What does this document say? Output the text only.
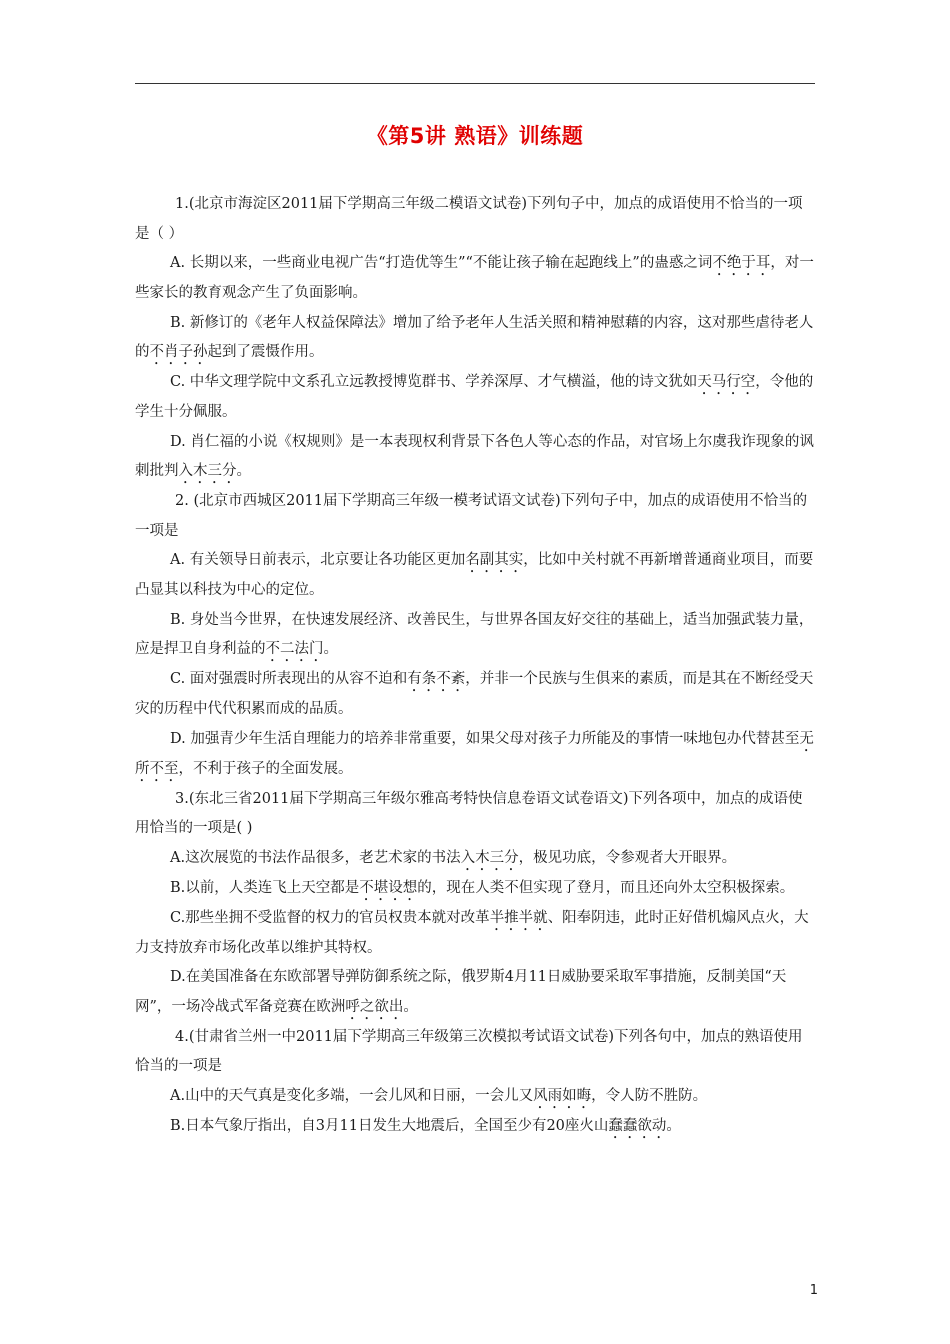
《第5讲 熟语》训练题

1.(北京市海淀区2011届下学期高三年级二模语文试卷)下列句子中，加点的成语使用不恰当的一项是（ ）

A. 长期以来，一些商业电视广告“打造优等生”“不能让孩子输在起跑线上”的蛊惑之词不绝于耳，对一些家长的教育观念产生了负面影响。

B. 新修订的《老年人权益保障法》增加了给予老年人生活关照和精神慰藉的内容，这对那些虐待老人的不肖子孙起到了震慑作用。

C. 中华文理学院中文系孔立远教授博览群书、学养深厚、才气横溢，他的诗文犹如天马行空，令他的学生十分佩服。

D. 肖仁福的小说《权规则》是一本表现权利背景下各色人等心态的作品，对官场上尔虞我诈现象的讽刺批判入木三分。

2. (北京市西城区2011届下学期高三年级一模考试语文试卷)下列句子中，加点的成语使用不恰当的一项是

A. 有关领导日前表示，北京要让各功能区更加名副其实，比如中关村就不再新增普通商业项目，而要凸显其以科技为中心的定位。

B. 身处当今世界，在快速发展经济、改善民生，与世界各国友好交往的基础上，适当加强武装力量，应是捍卫自身利益的不二法门。

C. 面对强震时所表现出的从容不迫和有条不紊，并非一个民族与生俱来的素质，而是其在不断经受天灾的历程中代代积累而成的品质。

D. 加强青少年生活自理能力的培养非常重要，如果父母对孩子力所能及的事情一味地包办代替甚至无所不至，不利于孩子的全面发展。

3.(东北三省2011届下学期高三年级尔雅高考特快信息卷语文试卷语文)下列各项中，加点的成语使用恰当的一项是( )

A.这次展览的书法作品很多，老艺术家的书法入木三分，极见功底，令参观者大开眼界。

B.以前，人类连飞上天空都是不堪设想的，现在人类不但实现了登月，而且还向外太空积极探索。

C.那些坐拥不受监督的权力的官员权贵本就对改革半推半就、阳奉阴违，此时正好借机煽风点火，大力支持放弃市场化改革以维护其特权。

D.在美国准备在东欧部署导弹防御系统之际，俄罗斯4月11日威胁要采取军事措施，反制美国“天网”，一场冷战式军备竞赛在欧洲呼之欲出。

4.(甘肃省兰州一中2011届下学期高三年级第三次模拟考试语文试卷)下列各句中，加点的熟语使用恰当的一项是

A.山中的天气真是变化多端，一会儿风和日丽，一会儿又风雨如晦，令人防不胜防。

B.日本气象厅指出，自3月11日发生大地震后，全国至少有20座火山蠢蠢欲动。

1
